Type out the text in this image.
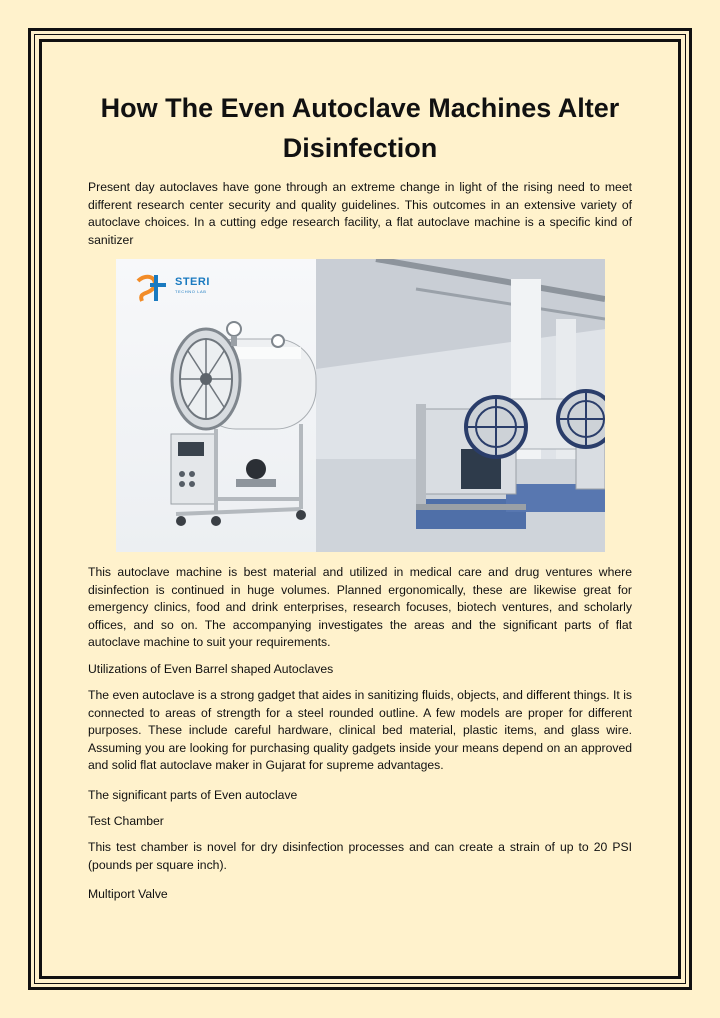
How The Even Autoclave Machines Alter Disinfection

Present day autoclaves have gone through an extreme change in light of the rising need to meet different research center security and quality guidelines. This outcomes in an extensive variety of autoclave choices. In a cutting edge research facility, a flat autoclave machine is a specific kind of sanitizer

STERI
TECHNO LAB

This autoclave machine is best material and utilized in medical care and drug ventures where disinfection is continued in huge volumes. Planned ergonomically, these are likewise great for emergency clinics, food and drink enterprises, research focuses, biotech ventures, and scholarly offices, and so on. The accompanying investigates the areas and the significant parts of flat autoclave machine to suit your requirements.

Utilizations of Even Barrel shaped Autoclaves

The even autoclave is a strong gadget that aides in sanitizing fluids, objects, and different things. It is connected to areas of strength for a steel rounded outline. A few models are proper for different purposes. These include careful hardware, clinical bed material, plastic items, and glass wire. Assuming you are looking for purchasing quality gadgets inside your means depend on an approved and solid flat autoclave maker in Gujarat for supreme advantages.

The significant parts of Even autoclave

Test Chamber

This test chamber is novel for dry disinfection processes and can create a strain of up to 20 PSI (pounds per square inch).

Multiport Valve
